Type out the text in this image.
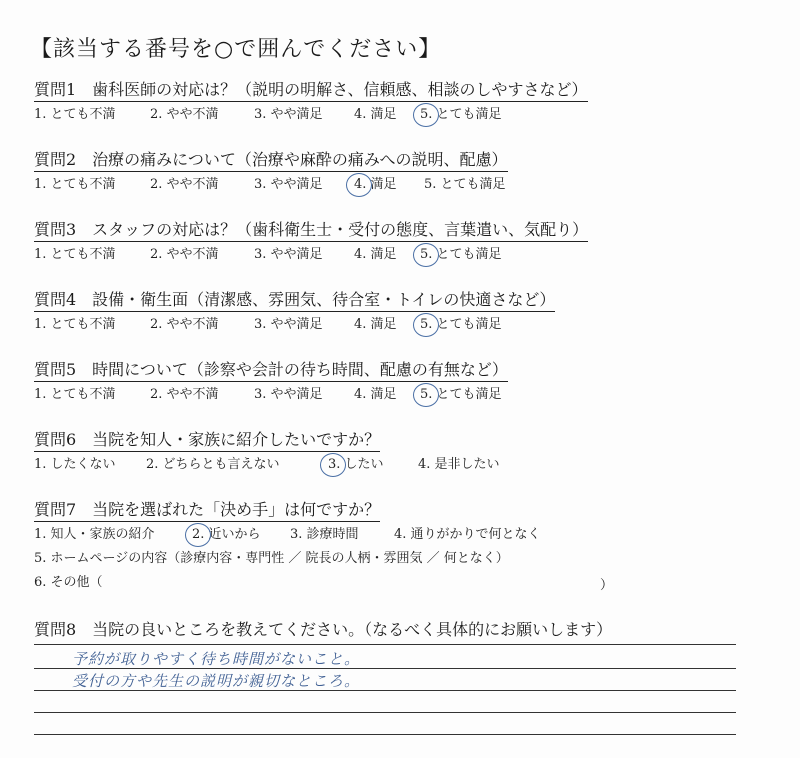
【該当する番号を○で囲んでください】
質問1　歯科医師の対応は？（説明の明解さ、信頼感、相談のしやすさなど）
1. とても不満	2. やや不満	3. やや満足 4. 満足 5. とても満足
質問2　治療の痛みについて（治療や麻酔の痛みへの説明、配慮）
1. とても不満	2. やや不満	3. やや満足 4. 満足 5. とても満足
質問3　スタッフの対応は？（歯科衛生士・受付の態度、言葉遣い、気配り）
1. とても不満	2. やや不満	3. やや満足 4. 満足 5. とても満足
質問4　設備・衛生面（清潔感、雰囲気、待合室・トイレの快適さなど）
1. とても不満	2. やや不満	3. やや満足 4. 満足 5. とても満足
質問5　時間について（診察や会計の待ち時間、配慮の有無など）
1. とても不満	2. やや不満	3. やや満足 4. 満足 5. とても満足
質問6　当院を知人・家族に紹介したいですか？
1. したくない 2. どちらとも言えない	3. したい	4. 是非したい
質問7　当院を選ばれた「決め手」は何ですか？
1. 知人・家族の紹介	2. 近いから 3. 診療時間	4. 通りがかりで何となく
5. ホームページの内容（診療内容・専門性 ／ 院長の人柄・雰囲気 ／ 何となく）
6. その他（	）
質問8　当院の良いところを教えてください。（なるべく具体的にお願いします）
予約が取りやすく待ち時間がないこと。
受付の方や先生の説明が親切なところ。
